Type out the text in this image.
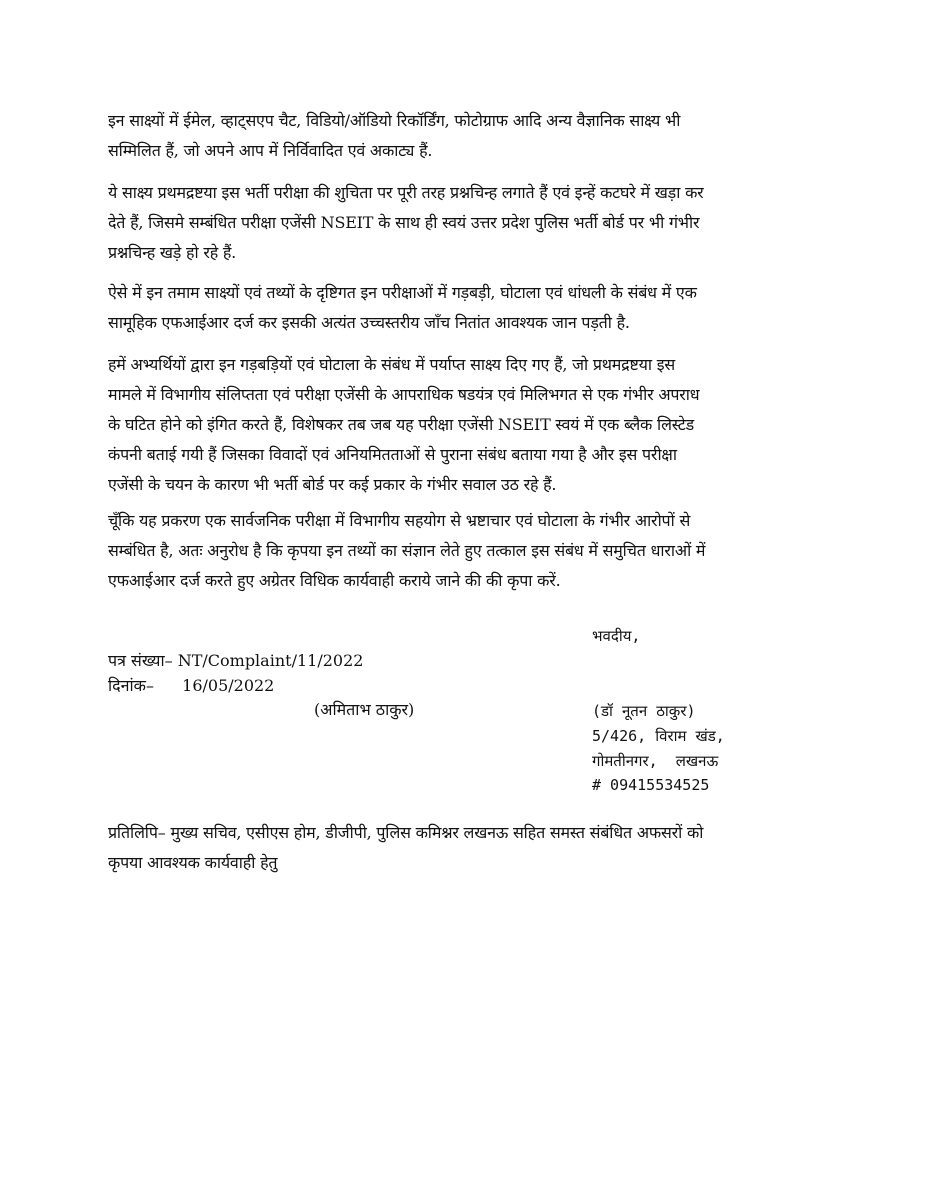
इन साक्ष्यों में ईमेल, व्हाट्सएप चैट, विडियो/ऑडियो रिकॉर्डिंग, फोटोग्राफ आदि अन्य वैज्ञानिक साक्ष्य भी
सम्मिलित हैं, जो अपने आप में निर्विवादित एवं अकाट्य हैं.
ये साक्ष्य प्रथमद्रष्टया इस भर्ती परीक्षा की शुचिता पर पूरी तरह प्रश्नचिन्ह लगाते हैं एवं इन्हें कटघरे में खड़ा कर
देते हैं, जिसमे सम्बंधित परीक्षा एजेंसी NSEIT के साथ ही स्वयं उत्तर प्रदेश पुलिस भर्ती बोर्ड पर भी गंभीर
प्रश्नचिन्ह खड़े हो रहे हैं.
ऐसे में इन तमाम साक्ष्यों एवं तथ्यों के दृष्टिगत इन परीक्षाओं में गड़बड़ी, घोटाला एवं धांधली के संबंध में एक
सामूहिक एफआईआर दर्ज कर इसकी अत्यंत उच्चस्तरीय जाँच नितांत आवश्यक जान पड़ती है.
हमें अभ्यर्थियों द्वारा इन गड़बड़ियों एवं घोटाला के संबंध में पर्याप्त साक्ष्य दिए गए हैं, जो प्रथमद्रष्टया इस
मामले में विभागीय संलिप्तता एवं परीक्षा एजेंसी के आपराधिक षडयंत्र एवं मिलिभगत से एक गंभीर अपराध
के घटित होने को इंगित करते हैं, विशेषकर तब जब यह परीक्षा एजेंसी NSEIT स्वयं में एक ब्लैक लिस्टेड
कंपनी बताई गयी हैं जिसका विवादों एवं अनियमितताओं से पुराना संबंध बताया गया है और इस परीक्षा
एजेंसी के चयन के कारण भी भर्ती बोर्ड पर कई प्रकार के गंभीर सवाल उठ रहे हैं.
चूँकि यह प्रकरण एक सार्वजनिक परीक्षा में विभागीय सहयोग से भ्रष्टाचार एवं घोटाला के गंभीर आरोपों से
सम्बंधित है, अतः अनुरोध है कि कृपया इन तथ्यों का संज्ञान लेते हुए तत्काल इस संबंध में समुचित धाराओं में
एफआईआर दर्ज करते हुए अग्रेतर विधिक कार्यवाही कराये जाने की की कृपा करें.
भवदीय,
पत्र संख्या– NT/Complaint/11/2022
दिनांक– 16/05/2022
(अमिताभ ठाकुर)	(डॉ नूतन ठाकुर)
5/426, विराम खंड,
गोमतीनगर,  लखनऊ
# 09415534525
प्रतिलिपि– मुख्य सचिव, एसीएस होम, डीजीपी, पुलिस कमिश्नर लखनऊ सहित समस्त संबंधित अफसरों को
कृपया आवश्यक कार्यवाही हेतु
